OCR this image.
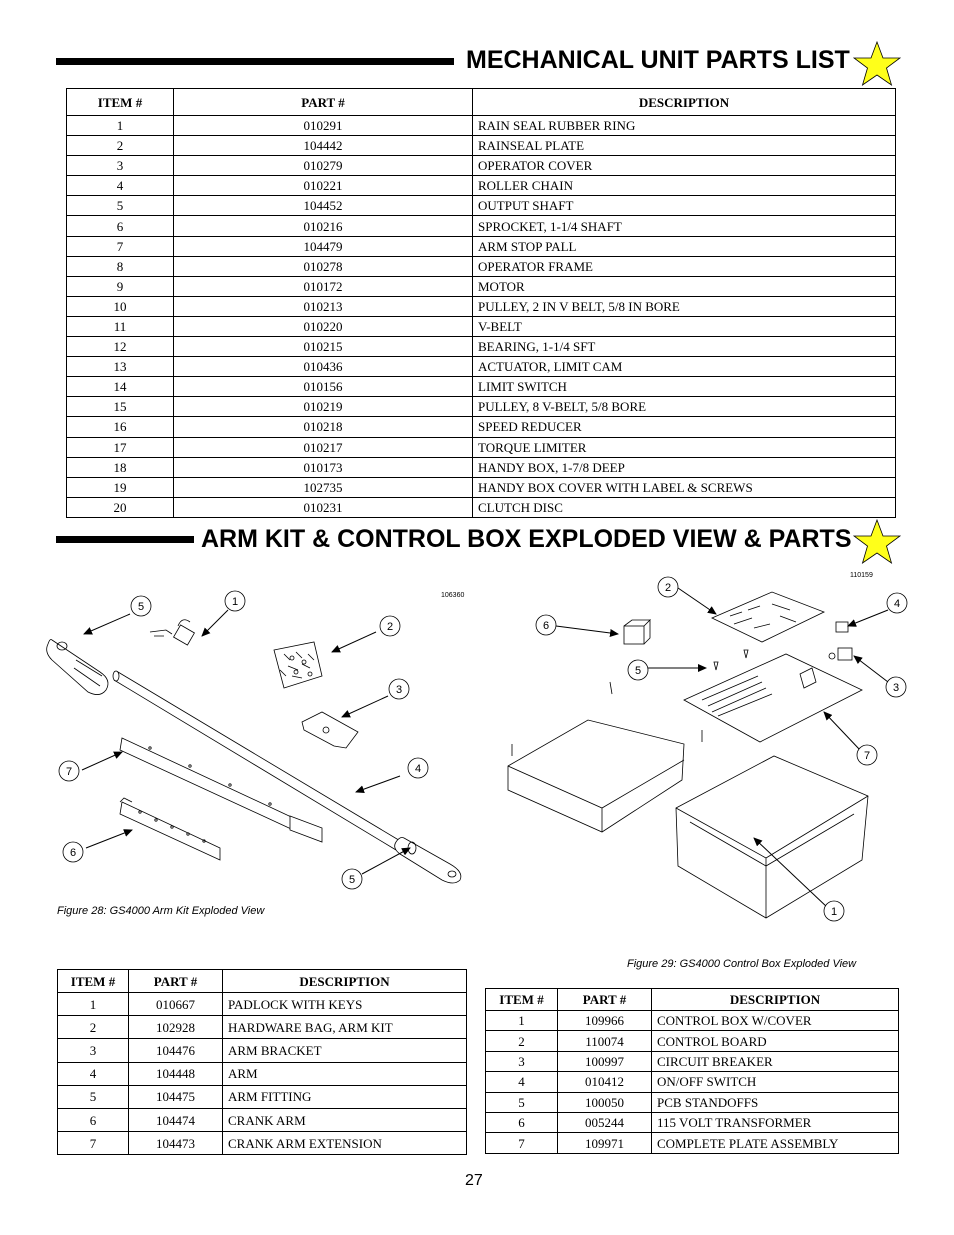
MECHANICAL UNIT PARTS LIST
ITEM #	PART #	DESCRIPTION
1	010291	RAIN SEAL RUBBER RING
2	104442	RAINSEAL PLATE
3	010279	OPERATOR COVER
4	010221	ROLLER CHAIN
5	104452	OUTPUT SHAFT
6	010216	SPROCKET, 1-1/4 SHAFT
7	104479	ARM STOP PALL
8	010278	OPERATOR FRAME
9	010172	MOTOR
10	010213	PULLEY, 2 IN V BELT, 5/8 IN BORE
11	010220	V-BELT
12	010215	BEARING, 1-1/4 SFT
13	010436	ACTUATOR, LIMIT CAM
14	010156	LIMIT SWITCH
15	010219	PULLEY, 8 V-BELT, 5/8 BORE
16	010218	SPEED REDUCER
17	010217	TORQUE LIMITER
18	010173	HANDY BOX, 1-7/8 DEEP
19	102735	HANDY BOX COVER WITH LABEL & SCREWS
20	010231	CLUTCH DISC
ARM KIT & CONTROL BOX EXPLODED VIEW & PARTS
5	1
2
3
4
7
6
5
106360
Figure 28: GS4000 Arm Kit Exploded View
2
4
6
5
3
7
1
110159
Figure 29: GS4000 Control Box Exploded View
ITEM #	PART #	DESCRIPTION
1	010667	PADLOCK WITH KEYS
2	102928	HARDWARE BAG, ARM KIT
3	104476	ARM BRACKET
4	104448	ARM
5	104475	ARM FITTING
6	104474	CRANK ARM
7	104473	CRANK ARM EXTENSION
ITEM #	PART #	DESCRIPTION
1	109966	CONTROL BOX W/COVER
2	110074	CONTROL BOARD
3	100997	CIRCUIT BREAKER
4	010412	ON/OFF SWITCH
5	100050	PCB STANDOFFS
6	005244	115 VOLT TRANSFORMER
7	109971	COMPLETE PLATE ASSEMBLY
27
